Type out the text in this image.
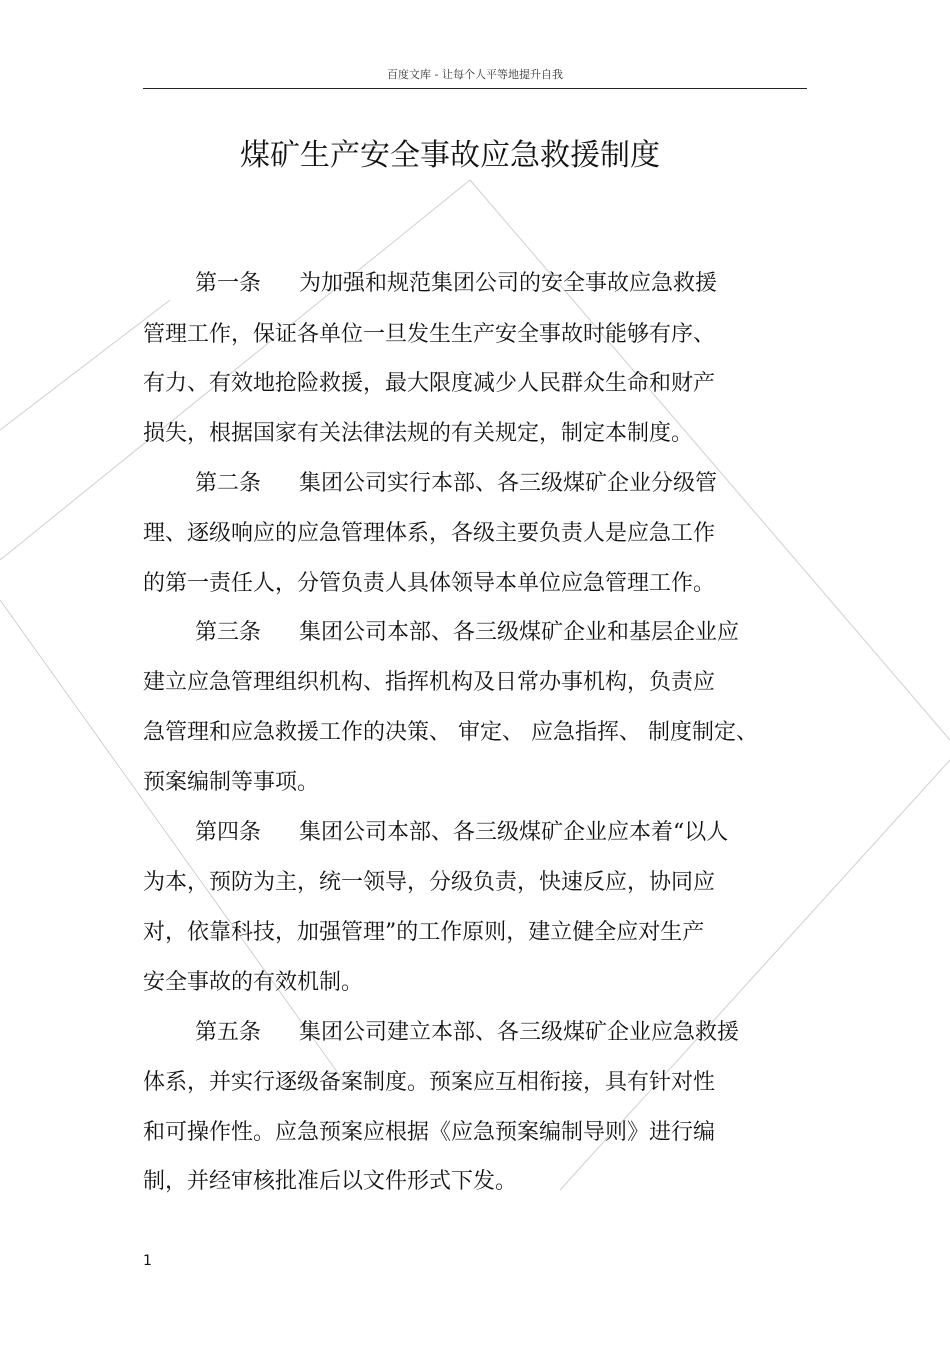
百度文库 - 让每个人平等地提升自我
煤矿生产安全事故应急救援制度
第一条 为加强和规范集团公司的安全事故应急救援
管理工作，保证各单位一旦发生生产安全事故时能够有序、
有力、有效地抢险救援，最大限度减少人民群众生命和财产
损失，根据国家有关法律法规的有关规定，制定本制度。
第二条 集团公司实行本部、各三级煤矿企业分级管
理、逐级响应的应急管理体系，各级主要负责人是应急工作
的第一责任人，分管负责人具体领导本单位应急管理工作。
第三条 集团公司本部、各三级煤矿企业和基层企业应
建立应急管理组织机构、指挥机构及日常办事机构，负责应
急管理和应急救援工作的决策、 审定、 应急指挥、 制度制定、
预案编制等事项。
第四条 集团公司本部、各三级煤矿企业应本着“以人
为本，预防为主，统一领导，分级负责，快速反应，协同应
对，依靠科技，加强管理”的工作原则，建立健全应对生产
安全事故的有效机制。
第五条 集团公司建立本部、各三级煤矿企业应急救援
体系，并实行逐级备案制度。预案应互相衔接，具有针对性
和可操作性。应急预案应根据《应急预案编制导则》进行编
制，并经审核批准后以文件形式下发。
1
